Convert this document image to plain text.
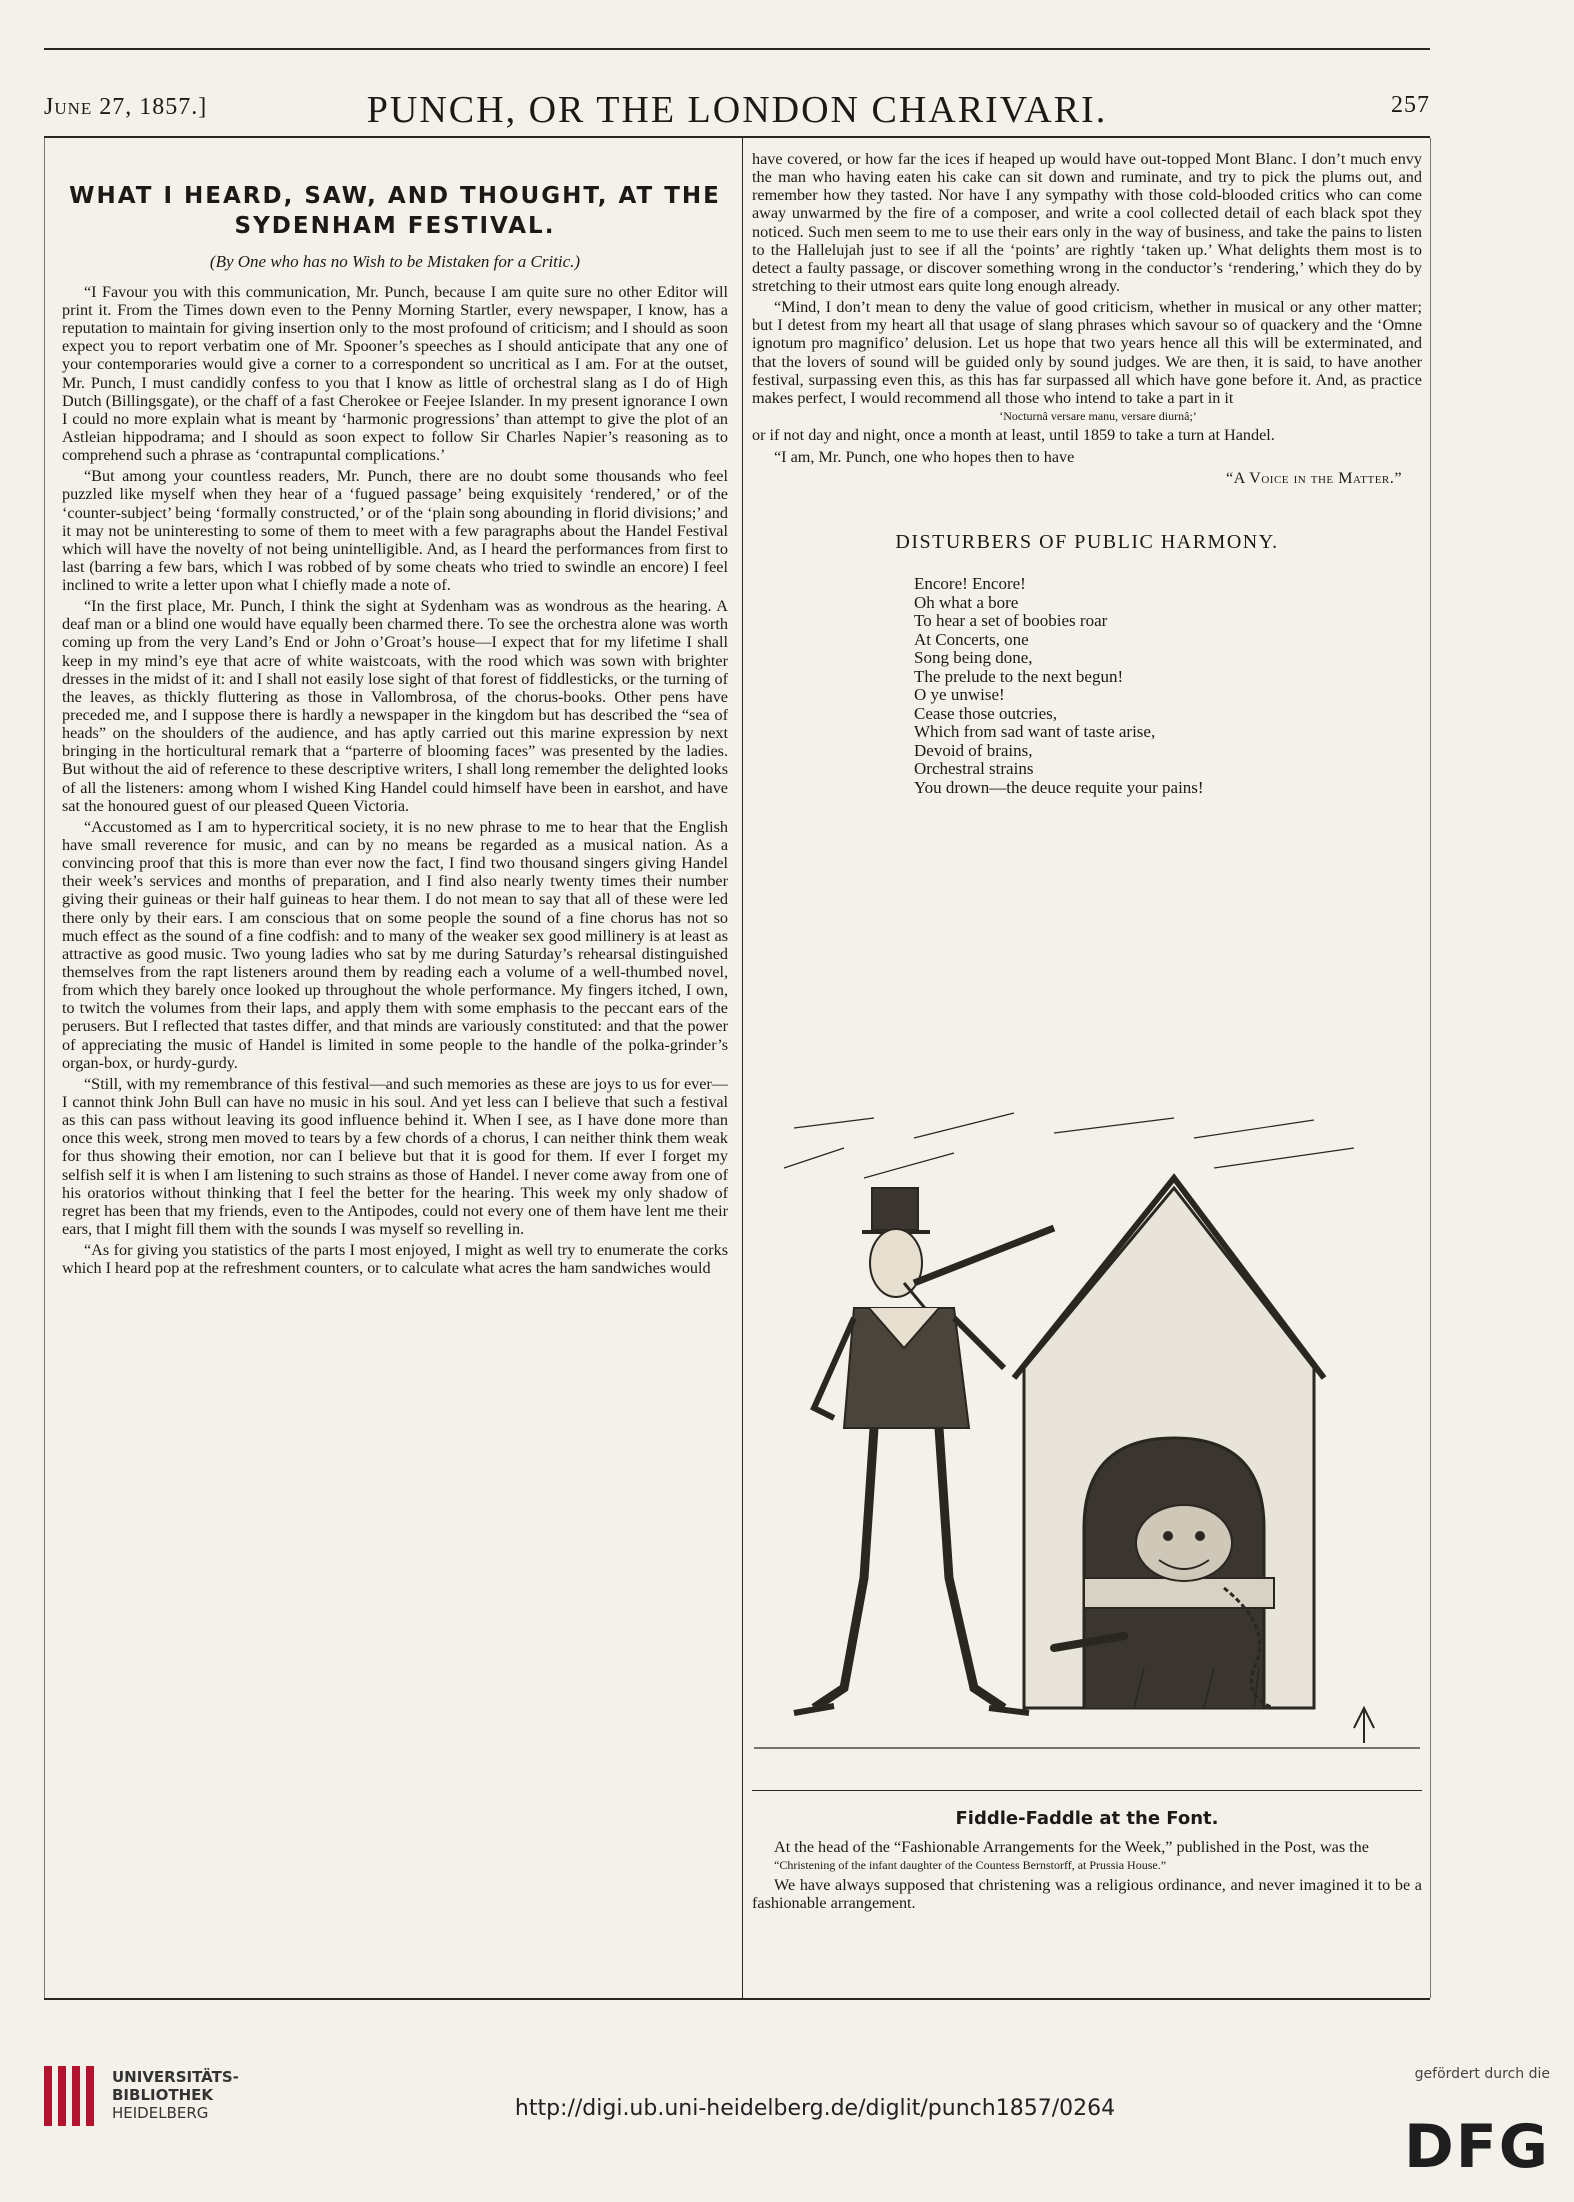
June 27, 1857.]	PUNCH, OR THE LONDON CHARIVARI.	257
WHAT I HEARD, SAW, AND THOUGHT, AT THE SYDENHAM FESTIVAL.
(By One who has no Wish to be Mistaken for a Critic.)

“I Favour you with this communication, Mr. Punch, because I am quite sure no other Editor will print it. From the Times down even to the Penny Morning Startler, every newspaper, I know, has a reputation to maintain for giving insertion only to the most profound of criticism; and I should as soon expect you to report verbatim one of Mr. Spooner’s speeches as I should anticipate that any one of your contemporaries would give a corner to a correspondent so uncritical as I am. For at the outset, Mr. Punch, I must candidly confess to you that I know as little of orchestral slang as I do of High Dutch (Billingsgate), or the chaff of a fast Cherokee or Feejee Islander. In my present ignorance I own I could no more explain what is meant by ‘harmonic progressions’ than attempt to give the plot of an Astleian hippodrama; and I should as soon expect to follow Sir Charles Napier’s reasoning as to comprehend such a phrase as ‘contrapuntal complications.’

“But among your countless readers, Mr. Punch, there are no doubt some thousands who feel puzzled like myself when they hear of a ‘fugued passage’ being exquisitely ‘rendered,’ or of the ‘counter-subject’ being ‘formally constructed,’ or of the ‘plain song abounding in florid divisions;’ and it may not be uninteresting to some of them to meet with a few paragraphs about the Handel Festival which will have the novelty of not being unintelligible. And, as I heard the performances from first to last (barring a few bars, which I was robbed of by some cheats who tried to swindle an encore) I feel inclined to write a letter upon what I chiefly made a note of.

“In the first place, Mr. Punch, I think the sight at Sydenham was as wondrous as the hearing. A deaf man or a blind one would have equally been charmed there. To see the orchestra alone was worth coming up from the very Land’s End or John o’Groat’s house—I expect that for my lifetime I shall keep in my mind’s eye that acre of white waistcoats, with the rood which was sown with brighter dresses in the midst of it: and I shall not easily lose sight of that forest of fiddlesticks, or the turning of the leaves, as thickly fluttering as those in Vallombrosa, of the chorus-books. Other pens have preceded me, and I suppose there is hardly a newspaper in the kingdom but has described the “sea of heads” on the shoulders of the audience, and has aptly carried out this marine expression by next bringing in the horticultural remark that a “parterre of blooming faces” was presented by the ladies. But without the aid of reference to these descriptive writers, I shall long remember the delighted looks of all the listeners: among whom I wished King Handel could himself have been in earshot, and have sat the honoured guest of our pleased Queen Victoria.

“Accustomed as I am to hypercritical society, it is no new phrase to me to hear that the English have small reverence for music, and can by no means be regarded as a musical nation. As a convincing proof that this is more than ever now the fact, I find two thousand singers giving Handel their week’s services and months of preparation, and I find also nearly twenty times their number giving their guineas or their half guineas to hear them. I do not mean to say that all of these were led there only by their ears. I am conscious that on some people the sound of a fine chorus has not so much effect as the sound of a fine codfish: and to many of the weaker sex good millinery is at least as attractive as good music. Two young ladies who sat by me during Saturday’s rehearsal distinguished themselves from the rapt listeners around them by reading each a volume of a well-thumbed novel, from which they barely once looked up throughout the whole performance. My fingers itched, I own, to twitch the volumes from their laps, and apply them with some emphasis to the peccant ears of the perusers. But I reflected that tastes differ, and that minds are variously constituted: and that the power of appreciating the music of Handel is limited in some people to the handle of the polka-grinder’s organ-box, or hurdy-gurdy.

“Still, with my remembrance of this festival—and such memories as these are joys to us for ever—I cannot think John Bull can have no music in his soul. And yet less can I believe that such a festival as this can pass without leaving its good influence behind it. When I see, as I have done more than once this week, strong men moved to tears by a few chords of a chorus, I can neither think them weak for thus showing their emotion, nor can I believe but that it is good for them. If ever I forget my selfish self it is when I am listening to such strains as those of Handel. I never come away from one of his oratorios without thinking that I feel the better for the hearing. This week my only shadow of regret has been that my friends, even to the Antipodes, could not every one of them have lent me their ears, that I might fill them with the sounds I was myself so revelling in.

“As for giving you statistics of the parts I most enjoyed, I might as well try to enumerate the corks which I heard pop at the refreshment counters, or to calculate what acres the ham sandwiches would

have covered, or how far the ices if heaped up would have out-topped Mont Blanc. I don’t much envy the man who having eaten his cake can sit down and ruminate, and try to pick the plums out, and remember how they tasted. Nor have I any sympathy with those cold-blooded critics who can come away unwarmed by the fire of a composer, and write a cool collected detail of each black spot they noticed. Such men seem to me to use their ears only in the way of business, and take the pains to listen to the Hallelujah just to see if all the ‘points’ are rightly ‘taken up.’ What delights them most is to detect a faulty passage, or discover something wrong in the conductor’s ‘rendering,’ which they do by stretching to their utmost ears quite long enough already.

“Mind, I don’t mean to deny the value of good criticism, whether in musical or any other matter; but I detest from my heart all that usage of slang phrases which savour so of quackery and the ‘Omne ignotum pro magnifico’ delusion. Let us hope that two years hence all this will be exterminated, and that the lovers of sound will be guided only by sound judges. We are then, it is said, to have another festival, surpassing even this, as this has far surpassed all which have gone before it. And, as practice makes perfect, I would recommend all those who intend to take a part in it

‘Nocturnâ versare manu, versare diurnâ;’

or if not day and night, once a month at least, until 1859 to take a turn at Handel.

“I am, Mr. Punch, one who hopes then to have

“A Voice in the Matter.”

DISTURBERS OF PUBLIC HARMONY.
Encore! Encore!
Oh what a bore
To hear a set of boobies roar
At Concerts, one
Song being done,
The prelude to the next begun!
O ye unwise!
Cease those outcries,
Which from sad want of taste arise,
Devoid of brains,
Orchestral strains
You drown—the deuce requite your pains!
Fiddle-Faddle at the Font.

At the head of the “Fashionable Arrangements for the Week,” published in the Post, was the

“Christening of the infant daughter of the Countess Bernstorff, at Prussia House.”

We have always supposed that christening was a religious ordinance, and never imagined it to be a fashionable arrangement.

UNIVERSITÄTS-
BIBLIOTHEK
HEIDELBERG	http://digi.ub.uni-heidelberg.de/diglit/punch1857/0264
gefördert durch die
DFG
